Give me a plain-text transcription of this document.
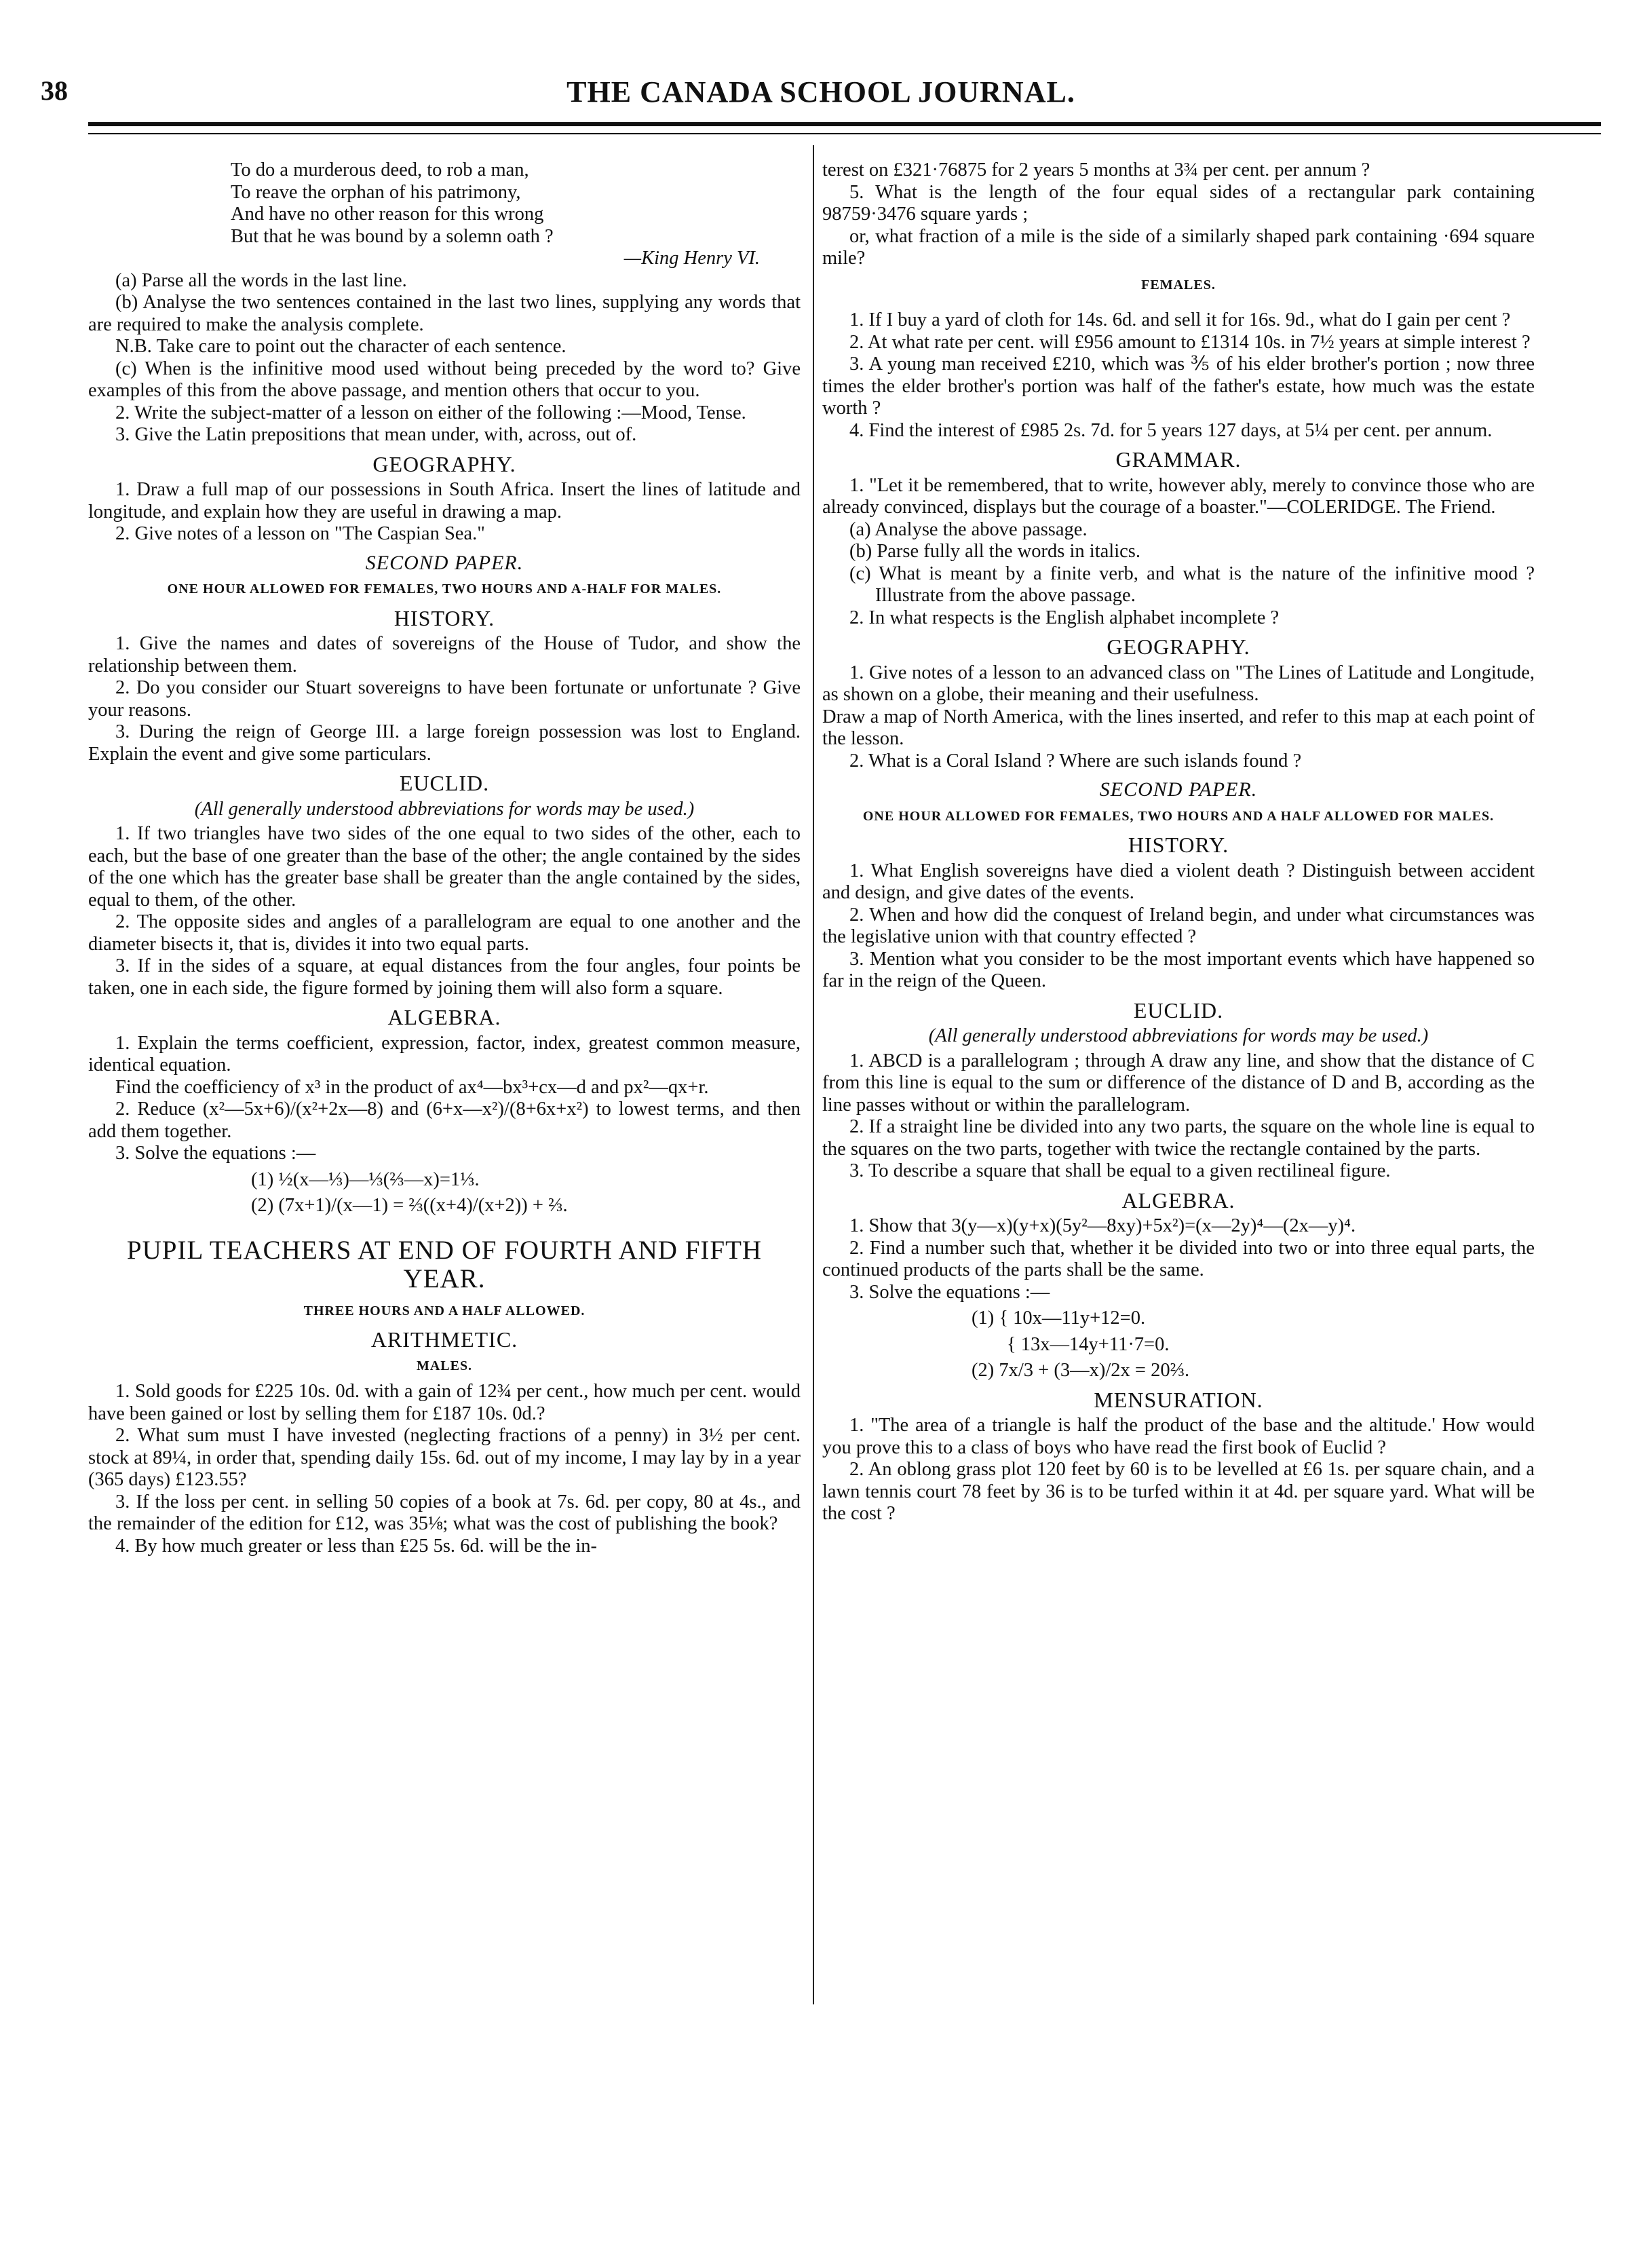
38	THE CANADA SCHOOL JOURNAL.
To do a murderous deed, to rob a man,
To reave the orphan of his patrimony,
And have no other reason for this wrong
But that he was bound by a solemn oath ?

—King Henry VI.

(a) Parse all the words in the last line.

(b) Analyse the two sentences contained in the last two lines, supplying any words that are required to make the analysis complete.

N.B. Take care to point out the character of each sentence.

(c) When is the infinitive mood used without being preceded by the word to? Give examples of this from the above passage, and mention others that occur to you.

2. Write the subject-matter of a lesson on either of the following :—Mood, Tense.

3. Give the Latin prepositions that mean under, with, across, out of.

GEOGRAPHY.

1. Draw a full map of our possessions in South Africa. Insert the lines of latitude and longitude, and explain how they are useful in drawing a map.

2. Give notes of a lesson on "The Caspian Sea."

SECOND PAPER.
ONE HOUR ALLOWED FOR FEMALES, TWO HOURS AND A-HALF FOR MALES.
HISTORY.

1. Give the names and dates of sovereigns of the House of Tudor, and show the relationship between them.

2. Do you consider our Stuart sovereigns to have been fortunate or unfortunate ? Give your reasons.

3. During the reign of George III. a large foreign possession was lost to England. Explain the event and give some particulars.

EUCLID.

(All generally understood abbreviations for words may be used.)

1. If two triangles have two sides of the one equal to two sides of the other, each to each, but the base of one greater than the base of the other; the angle contained by the sides of the one which has the greater base shall be greater than the angle contained by the sides, equal to them, of the other.

2. The opposite sides and angles of a parallelogram are equal to one another and the diameter bisects it, that is, divides it into two equal parts.

3. If in the sides of a square, at equal distances from the four angles, four points be taken, one in each side, the figure formed by joining them will also form a square.

ALGEBRA.

1. Explain the terms coefficient, expression, factor, index, greatest common measure, identical equation.

Find the coefficiency of x³ in the product of ax⁴—bx³+cx—d and px²—qx+r.

2. Reduce (x²—5x+6)/(x²+2x—8) and (6+x—x²)/(8+6x+x²) to lowest terms, and then add them together.

3. Solve the equations :—

(1) ½(x—⅓)—⅓(⅔—x)=1⅓.

(2) (7x+1)/(x—1) = ⅔((x+4)/(x+2)) + ⅔.

PUPIL TEACHERS AT END OF FOURTH AND FIFTH YEAR.
THREE HOURS AND A HALF ALLOWED.
ARITHMETIC.
MALES.

1. Sold goods for £225 10s. 0d. with a gain of 12¾ per cent., how much per cent. would have been gained or lost by selling them for £187 10s. 0d.?

2. What sum must I have invested (neglecting fractions of a penny) in 3½ per cent. stock at 89¼, in order that, spending daily 15s. 6d. out of my income, I may lay by in a year (365 days) £123.55?

3. If the loss per cent. in selling 50 copies of a book at 7s. 6d. per copy, 80 at 4s., and the remainder of the edition for £12, was 35⅛; what was the cost of publishing the book?

4. By how much greater or less than £25 5s. 6d. will be the in-

terest on £321·76875 for 2 years 5 months at 3¾ per cent. per annum ?

5. What is the length of the four equal sides of a rectangular park containing 98759·3476 square yards ;

or, what fraction of a mile is the side of a similarly shaped park containing ·694 square mile?

FEMALES.

1. If I buy a yard of cloth for 14s. 6d. and sell it for 16s. 9d., what do I gain per cent ?

2. At what rate per cent. will £956 amount to £1314 10s. in 7½ years at simple interest ?

3. A young man received £210, which was ⅗ of his elder brother's portion ; now three times the elder brother's portion was half of the father's estate, how much was the estate worth ?

4. Find the interest of £985 2s. 7d. for 5 years 127 days, at 5¼ per cent. per annum.

GRAMMAR.

1. "Let it be remembered, that to write, however ably, merely to convince those who are already convinced, displays but the courage of a boaster."—COLERIDGE. The Friend.

(a) Analyse the above passage.

(b) Parse fully all the words in italics.

(c) What is meant by a finite verb, and what is the nature of the infinitive mood ? Illustrate from the above passage.

2. In what respects is the English alphabet incomplete ?

GEOGRAPHY.

1. Give notes of a lesson to an advanced class on "The Lines of Latitude and Longitude, as shown on a globe, their meaning and their usefulness.

Draw a map of North America, with the lines inserted, and refer to this map at each point of the lesson.

2. What is a Coral Island ? Where are such islands found ?

SECOND PAPER.
ONE HOUR ALLOWED FOR FEMALES, TWO HOURS AND A HALF ALLOWED FOR MALES.
HISTORY.

1. What English sovereigns have died a violent death ? Distinguish between accident and design, and give dates of the events.

2. When and how did the conquest of Ireland begin, and under what circumstances was the legislative union with that country effected ?

3. Mention what you consider to be the most important events which have happened so far in the reign of the Queen.

EUCLID.

(All generally understood abbreviations for words may be used.)

1. ABCD is a parallelogram ; through A draw any line, and show that the distance of C from this line is equal to the sum or difference of the distance of D and B, according as the line passes without or within the parallelogram.

2. If a straight line be divided into any two parts, the square on the whole line is equal to the squares on the two parts, together with twice the rectangle contained by the parts.

3. To describe a square that shall be equal to a given rectilineal figure.

ALGEBRA.

1. Show that 3(y—x)(y+x)(5y²—8xy)+5x²)=(x—2y)⁴—(2x—y)⁴.

2. Find a number such that, whether it be divided into two or into three equal parts, the continued products of the parts shall be the same.

3. Solve the equations :—

(1) { 10x—11y+12=0.

{ 13x—14y+11·7=0.

(2) 7x/3 + (3—x)/2x = 20⅔.

MENSURATION.

1. "The area of a triangle is half the product of the base and the altitude.' How would you prove this to a class of boys who have read the first book of Euclid ?

2. An oblong grass plot 120 feet by 60 is to be levelled at £6 1s. per square chain, and a lawn tennis court 78 feet by 36 is to be turfed within it at 4d. per square yard. What will be the cost ?
